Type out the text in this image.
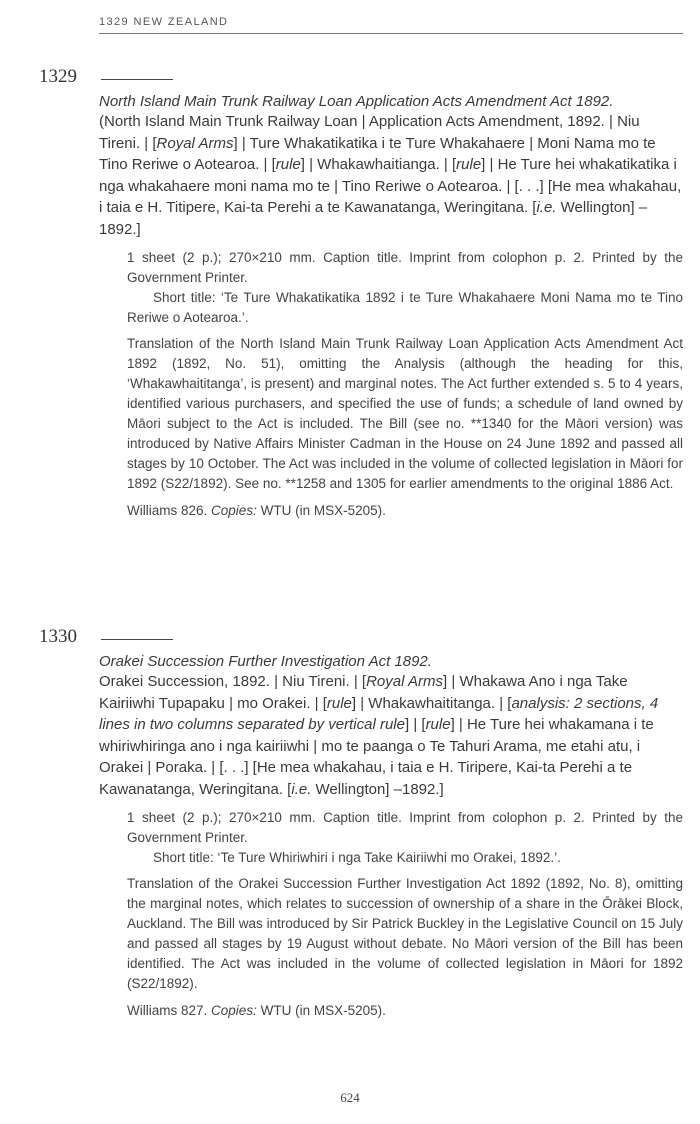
1329 NEW ZEALAND
1329

North Island Main Trunk Railway Loan Application Acts Amendment Act 1892.

(North Island Main Trunk Railway Loan | Application Acts Amendment, 1892. | Niu Tireni. | [Royal Arms] | Ture Whakatikatika i te Ture Whakahaere | Moni Nama mo te Tino Reriwe o Aotearoa. | [rule] | Whakawhaitianga. | [rule] | He Ture hei whakatikatika i nga whakahaere moni nama mo te | Tino Reriwe o Aotearoa. | [. . .] [He mea whakahau, i taia e H. Titipere, Kai-ta Perehi a te Kawanatanga, Weringitana. [i.e. Wellington] –1892.]

1 sheet (2 p.); 270×210 mm. Caption title. Imprint from colophon p. 2. Printed by the Government Printer.

Short title: ‘Te Ture Whakatikatika 1892 i te Ture Whakahaere Moni Nama mo te Tino Reriwe o Aotearoa.’.

Translation of the North Island Main Trunk Railway Loan Application Acts Amendment Act 1892 (1892, No. 51), omitting the Analysis (although the heading for this, ‘Whakawhaititanga’, is present) and marginal notes. The Act further extended s. 5 to 4 years, identified various purchasers, and specified the use of funds; a schedule of land owned by Māori subject to the Act is included. The Bill (see no. **1340 for the Māori version) was introduced by Native Affairs Minister Cadman in the House on 24 June 1892 and passed all stages by 10 October. The Act was included in the volume of collected legislation in Māori for 1892 (S22/1892). See no. **1258 and 1305 for earlier amendments to the original 1886 Act.

Williams 826. Copies: WTU (in MSX-5205).

1330

Orakei Succession Further Investigation Act 1892.

Orakei Succession, 1892. | Niu Tireni. | [Royal Arms] | Whakawa Ano i nga Take Kairiiwhi Tupapaku | mo Orakei. | [rule] | Whakawhaititanga. | [analysis: 2 sections, 4 lines in two columns separated by vertical rule] | [rule] | He Ture hei whakamana i te whiriwhiringa ano i nga kairiiwhi | mo te paanga o Te Tahuri Arama, me etahi atu, i Orakei | Poraka. | [. . .] [He mea whakahau, i taia e H. Tiripere, Kai-ta Perehi a te Kawanatanga, Weringitana. [i.e. Wellington] –1892.]

1 sheet (2 p.); 270×210 mm. Caption title. Imprint from colophon p. 2. Printed by the Government Printer.

Short title: ‘Te Ture Whiriwhiri i nga Take Kairiiwhi mo Orakei, 1892.’.

Translation of the Orakei Succession Further Investigation Act 1892 (1892, No. 8), omitting the marginal notes, which relates to succession of ownership of a share in the Ōrākei Block, Auckland. The Bill was introduced by Sir Patrick Buckley in the Legislative Council on 15 July and passed all stages by 19 August without debate. No Māori version of the Bill has been identified. The Act was included in the volume of collected legislation in Māori for 1892 (S22/1892).

Williams 827. Copies: WTU (in MSX-5205).

624
